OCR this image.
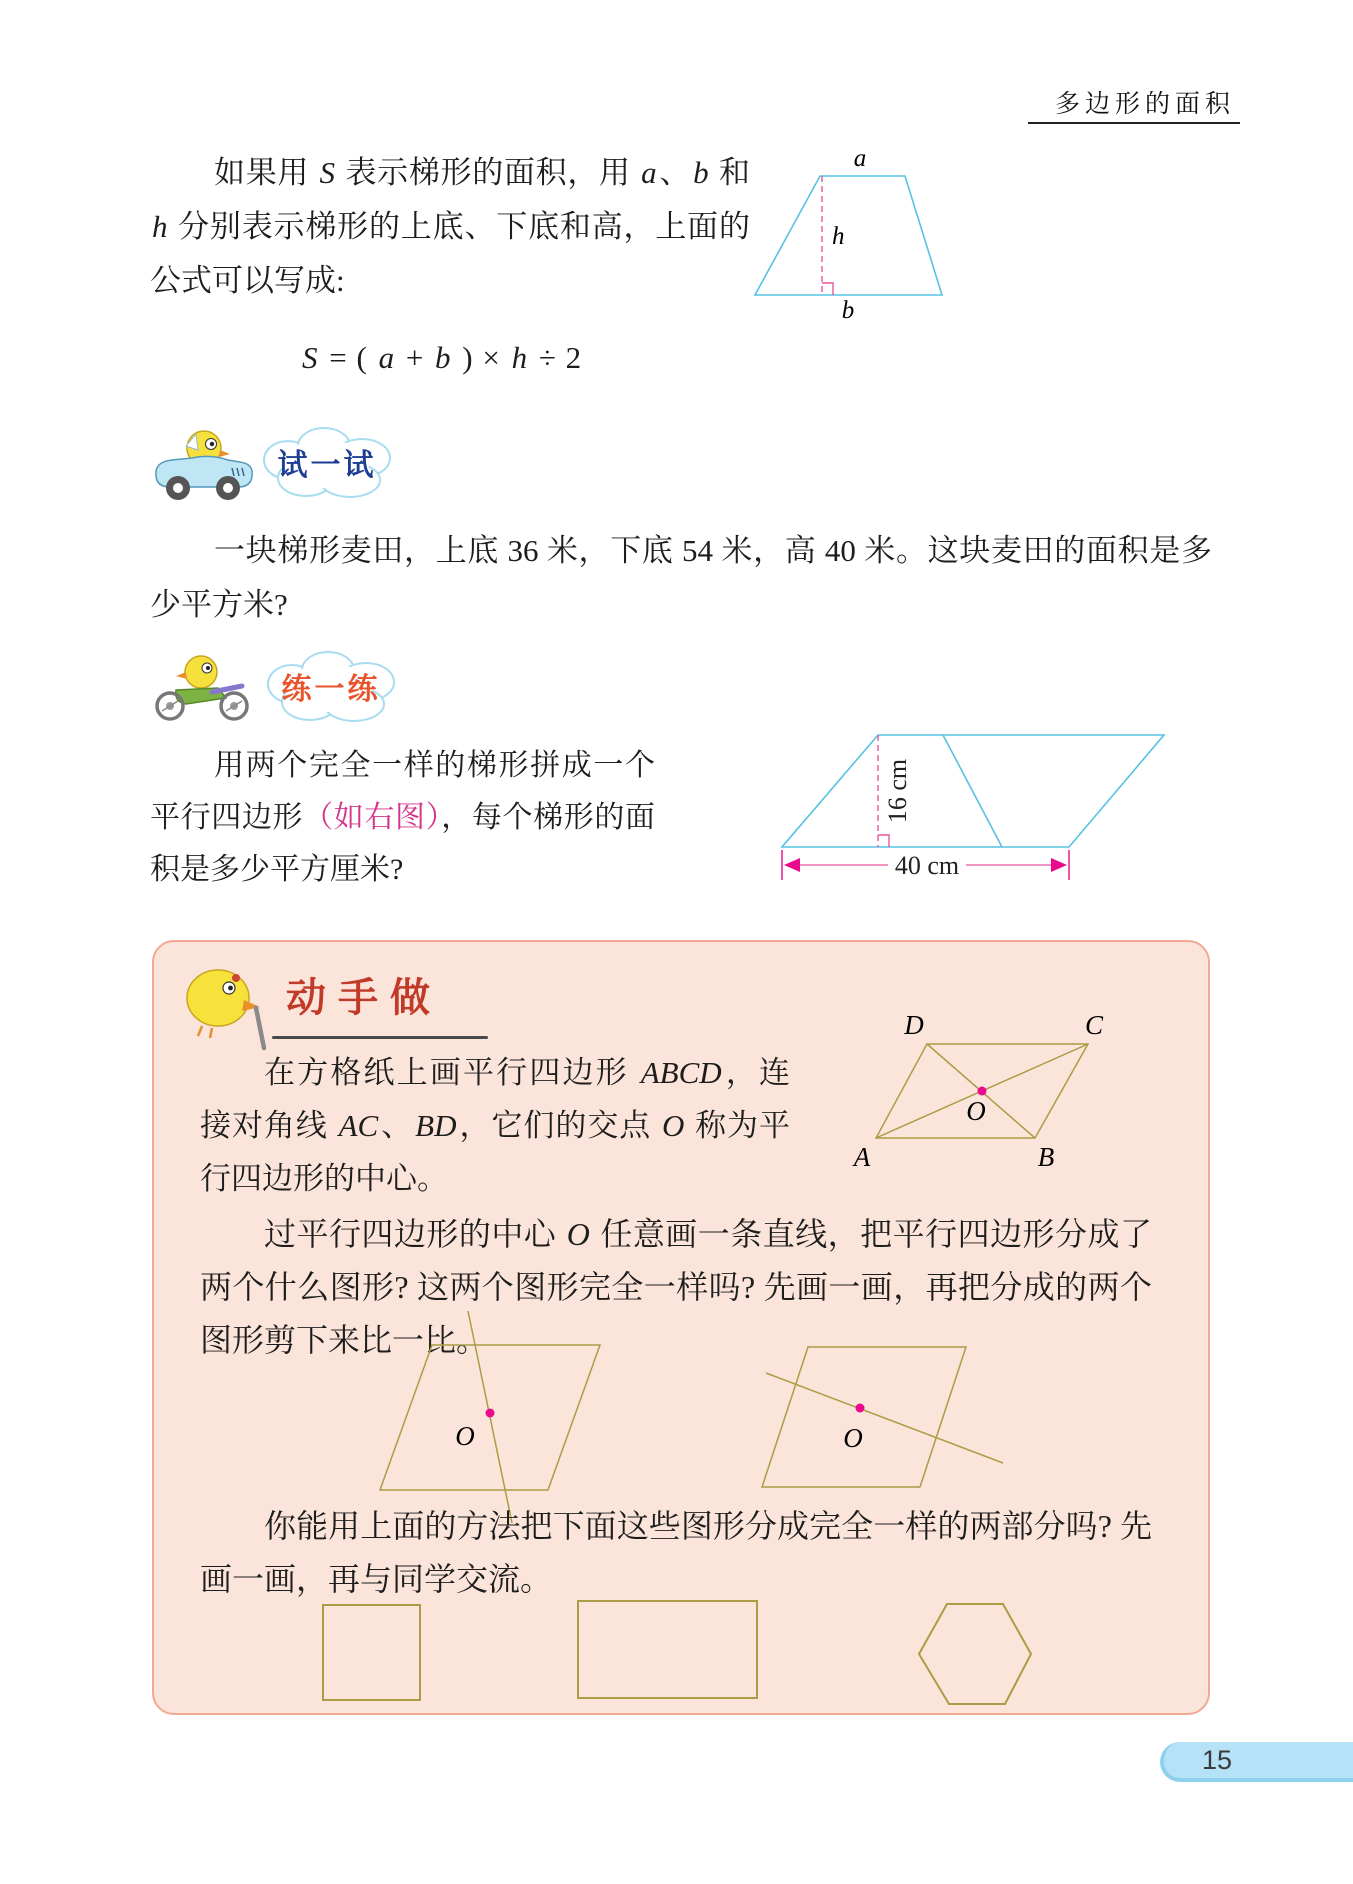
多边形的面积
如果用 S 表示梯形的面积，用 a、b 和 h 分别表示梯形的上底、下底和高，上面的公式可以写成:
a
h
b
S = ( a + b ) × h ÷ 2
试一试
一块梯形麦田，上底 36 米，下底 54 米，高 40 米。这块麦田的面积是多少平方米?
练一练
用两个完全一样的梯形拼成一个平行四边形（如右图），每个梯形的面积是多少平方厘米?
16 cm
40 cm
动手做
在方格纸上画平行四边形 ABCD，连接对角线 AC、BD，它们的交点 O 称为平行四边形的中心。
D	C
A	B
O
过平行四边形的中心 O 任意画一条直线，把平行四边形分成了两个什么图形? 这两个图形完全一样吗? 先画一画，再把分成的两个图形剪下来比一比。
O	O
你能用上面的方法把下面这些图形分成完全一样的两部分吗? 先画一画，再与同学交流。
15
